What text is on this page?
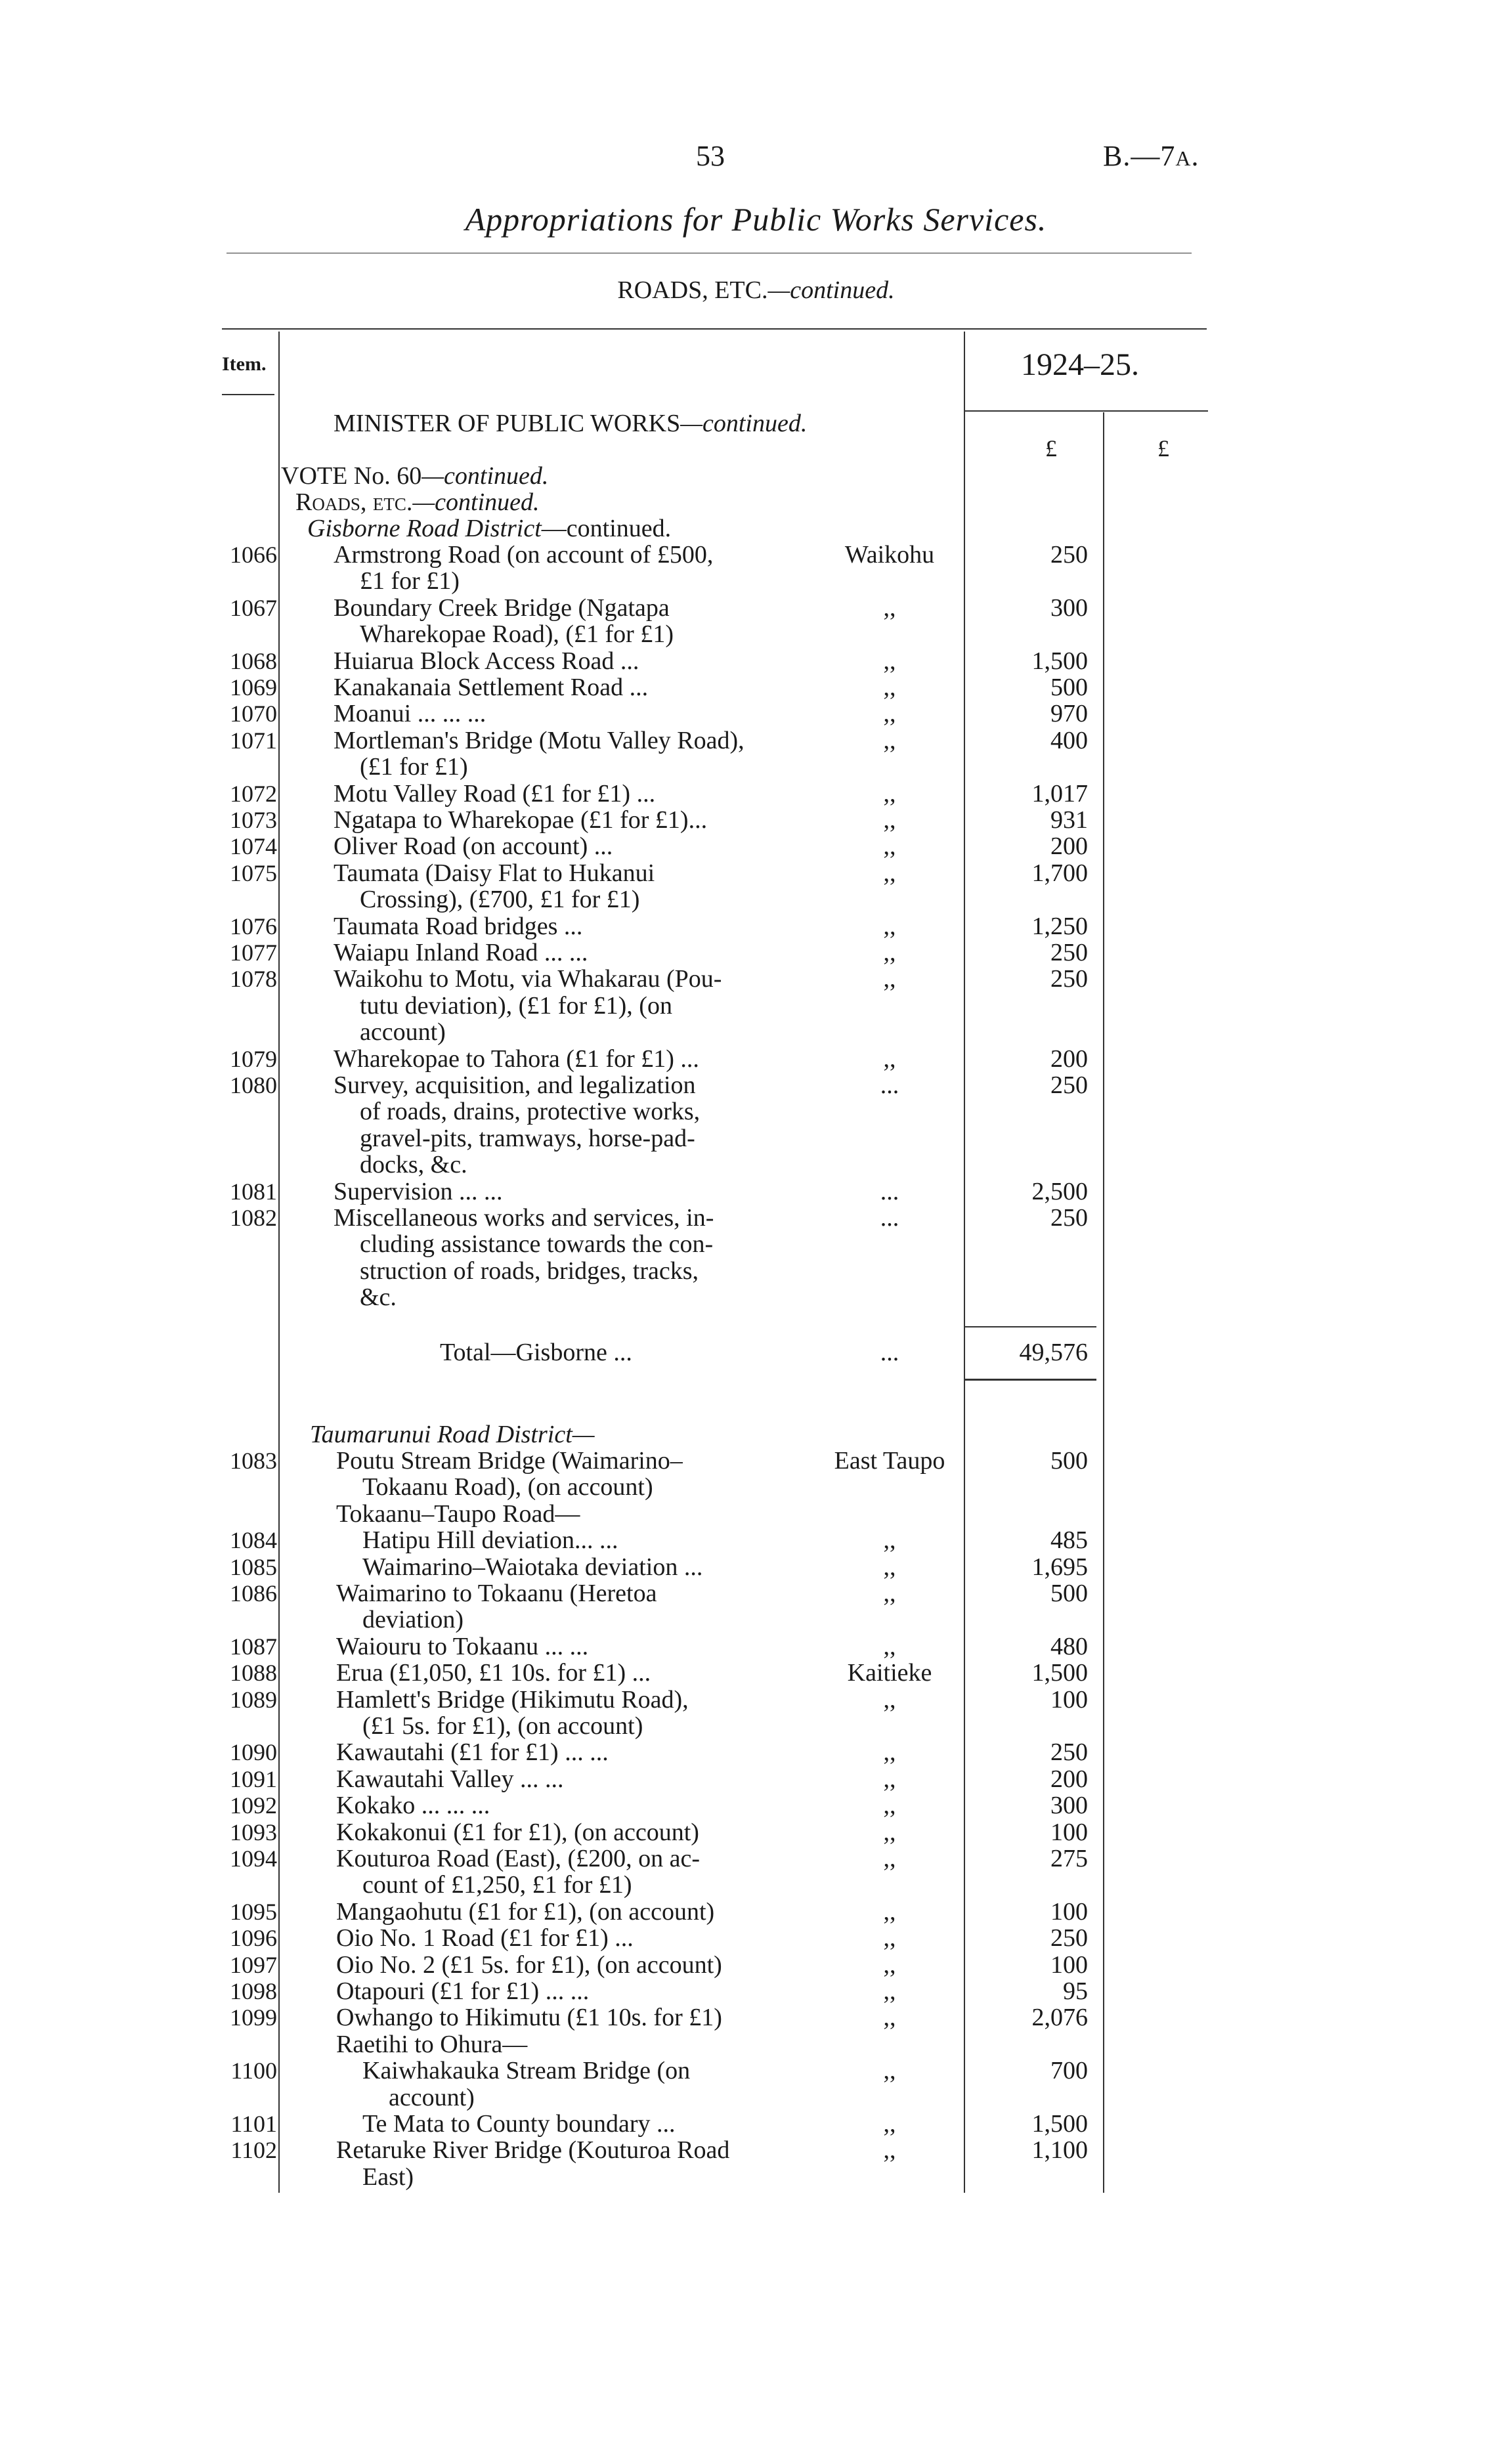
53	B.—7A.
Appropriations for Public Works Services.
ROADS, ETC.—continued.
Item.	1924–25.
£	£
MINISTER OF PUBLIC WORKS—continued.
VOTE No. 60—continued.
Roads, etc.—continued.
Gisborne Road District—continued.
1066 Armstrong Road (on account of £500,
£1 for £1)
Waikohu	250
1067 Boundary Creek Bridge (Ngatapa
Wharekopae Road), (£1 for £1)
,,	300
1068 Huiarua Block Access Road ...	,,	1,500
1069 Kanakanaia Settlement Road ...	,,	500
1070 Moanui ... ... ...	,,	970
1071 Mortleman's Bridge (Motu Valley Road),
(£1 for £1)
,,	400
1072 Motu Valley Road (£1 for £1) ...	,,	1,017
1073 Ngatapa to Wharekopae (£1 for £1)...	,,	931
1074 Oliver Road (on account) ...	,,	200
1075 Taumata (Daisy Flat to Hukanui
Crossing), (£700, £1 for £1)
,,	1,700
1076 Taumata Road bridges ...	,,	1,250
1077 Waiapu Inland Road ... ...	,,	250
1078 Waikohu to Motu, via Whakarau (Pou-
tutu deviation), (£1 for £1), (on
account)
,,	250
1079 Wharekopae to Tahora (£1 for £1) ...	,,	200
1080 Survey, acquisition, and legalization
of roads, drains, protective works,
gravel-pits, tramways, horse-pad-
docks, &c.
...	250
1081 Supervision ... ...	...	2,500
1082 Miscellaneous works and services, in-
cluding assistance towards the con-
struction of roads, bridges, tracks,
&c.
...	250
Total—Gisborne ...	...	49,576
Taumarunui Road District—
1083 Poutu Stream Bridge (Waimarino–
Tokaanu Road), (on account)
East Taupo	500
Tokaanu–Taupo Road—
1084	Hatipu Hill deviation... ...	,,	485
1085	Waimarino–Waiotaka deviation ...	,,	1,695
1086 Waimarino to Tokaanu (Heretoa
deviation)
,,	500
1087 Waiouru to Tokaanu ... ...	,,	480
1088 Erua (£1,050, £1 10s. for £1) ...	Kaitieke	1,500
1089 Hamlett's Bridge (Hikimutu Road),
(£1 5s. for £1), (on account)
,,	100
1090 Kawautahi (£1 for £1) ... ...	,,	250
1091 Kawautahi Valley ... ...	,,	200
1092 Kokako ... ... ...	,,	300
1093 Kokakonui (£1 for £1), (on account)	,,	100
1094 Kouturoa Road (East), (£200, on ac-
count of £1,250, £1 for £1)
,,	275
1095 Mangaohutu (£1 for £1), (on account)	,,	100
1096 Oio No. 1 Road (£1 for £1) ...	,,	250
1097 Oio No. 2 (£1 5s. for £1), (on account)	,,	100
1098 Otapouri (£1 for £1) ... ...	,,	95
1099 Owhango to Hikimutu (£1 10s. for £1)	,,	2,076
Raetihi to Ohura—
1100	Kaiwhakauka Stream Bridge (on
account)
,,	700
1101	Te Mata to County boundary ...	,,	1,500
1102 Retaruke River Bridge (Kouturoa Road
East)
,,	1,100
